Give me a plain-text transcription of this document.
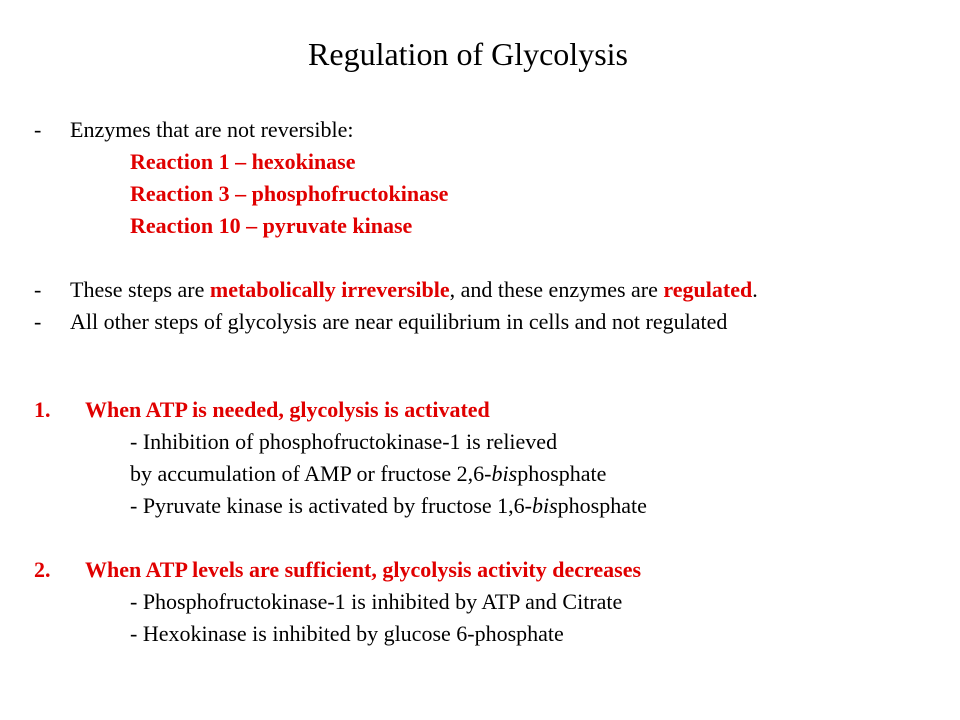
Regulation of Glycolysis
- Enzymes that are not reversible:
Reaction 1 – hexokinase
Reaction 3 – phosphofructokinase
Reaction 10 – pyruvate kinase
- These steps are metabolically irreversible, and these enzymes are regulated.
- All other steps of glycolysis are near equilibrium in cells and not regulated
1. When ATP is needed, glycolysis is activated
- Inhibition of phosphofructokinase-1 is relieved
by accumulation of AMP or fructose 2,6-bisphosphate
- Pyruvate kinase is activated by fructose 1,6-bisphosphate
2. When ATP levels are sufficient, glycolysis activity decreases
- Phosphofructokinase-1 is inhibited by ATP and Citrate
- Hexokinase is inhibited by glucose 6-phosphate
